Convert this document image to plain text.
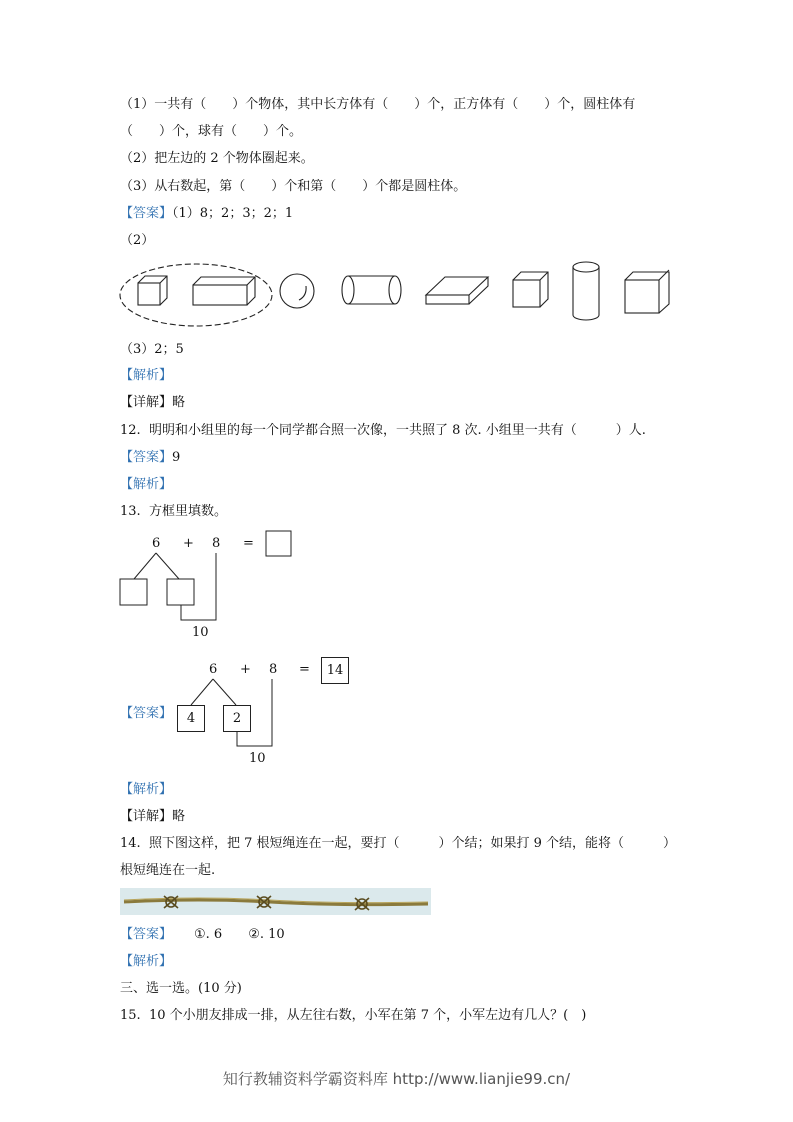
（1）一共有（　　）个物体，其中长方体有（　　）个，正方体有（　　）个，圆柱体有
（　　）个，球有（　　）个。
（2）把左边的 2 个物体圈起来。
（3）从右数起，第（　　）个和第（　　）个都是圆柱体。
【答案】（1）8；2；3；2；1
（2）
（3）2；5
【解析】
【详解】略
12.  明明和小组里的每一个同学都合照一次像，一共照了 8 次. 小组里一共有（　　　）人.
【答案】9
【解析】
13.  方框里填数。
6 + 8 =
10
【答案】
6 + 8 =	14
4	2
10
【解析】
【详解】略
14.  照下图这样，把 7 根短绳连在一起，要打（　　　）个结；如果打 9 个结，能将（　　　）
根短绳连在一起.
【答案】 ①. 6　　②. 10
【解析】
三、选一选。(10 分)
15.  10 个小朋友排成一排，从左往右数，小军在第 7 个，小军左边有几人？(　)
知行教辅资料学霸资料库 http://www.lianjie99.cn/
